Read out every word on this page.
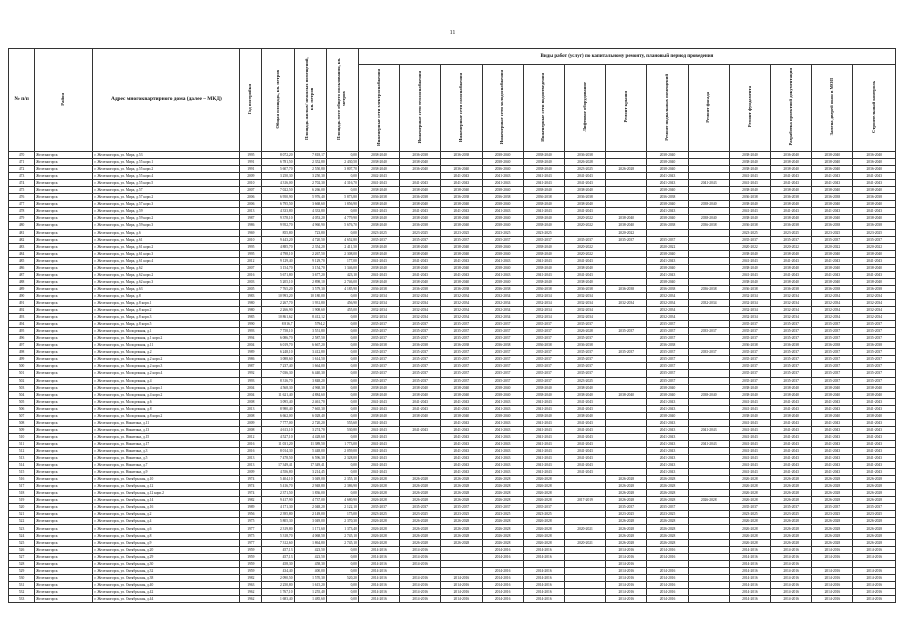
11
№ п/п	Район	Адрес многоквартирного дома (далее – МКД)	Год постройки	Общая площадь, кв. метров	Площадь жилых/ нежилых помещений, кв. метров	Площадь мест общего пользования, кв. метров	Виды работ (услуг) по капитальному ремонту, плановый период проведения												
							Инженерные сети электроснабжения	Инженерные сети теплоснабжения	Инженерные сети газоснабжения	Инженерные сети холодоснабжения	Инженерные сети водоотведения	Лифтовое оборудование	Ремонт крыши	Ремонт подвальных помещений	Ремонт фасада	Ремонт фундамента	Разработка проектной документации	Замена дверей окон в МОП	Строительный контроль
470	Железногорск	г. Железногорск, ул. Мира, д.53	1995	8 072,20	7 818,17	0,00	2038-2040	2036-2038	2036-2038	2038-2040	2038-2040	2036-2038		2038-2040		2038-2040	2036-2040	2038-2040	2036-2040
471	Железногорск	г. Железногорск, ул. Мира, д.55 корп.1	1991	6 781,50	2 352,80	2 430,50	2038-2040	2038-2040		2038-2040	2038-2040	2026-2028		2038-2040		2038-2040	2038-2040	2038-2040	2036-2040
472	Железногорск	г. Железногорск, ул. Мира, д.55 корп.2	1991	5 607,70	2 550,80	3 807,70	2038-2040	2036-2040	2036-2040	2036-2040	2038-2040	2023-2025	2026-2028	2038-2040		2038-2040	2038-2040	2036-2040	2036-2040
473	Железногорск	г. Железногорск, ул. Мира, д.55 корп.4	2009	3 250,30	3 250,30	0,00	2042-2043		2041-2043	2041-2043	2041-2043	2041-2043		2041-2043		2041-2043	2041-2043	2041-2043	2041-2043
474	Железногорск	г. Железногорск, ул. Мира, д.55 корп.5	2010	4 316,00	2 702,30	4 316,70	2041-2043	2041-2043	2041-2043	2041-2043	2041-2043	2041-2043		2041-2043	2041-2043	2041-2043	2041-2043	2041-2043	2041-2043
475	Железногорск	г. Железногорск, ул. Мира, д.57	2007	7 022,50	6 266,00	0,00	2038-2040	2038-2040	2038-2040	2038-2040	2038-2040	2038-2040		2038-2040		2038-2040	2038-2040	2038-2040	2038-2040
476	Железногорск	г. Железногорск, ул. Мира, д.57 корп.2	2006	6 950,90	5 976,40	5 873,80	2036-2038	2036-2038	2036-2038	2036-2038	2036-2038	2036-2038		2036-2038		2036-2038	2036-2038	2036-2038	2036-2038
477	Железногорск	г. Железногорск, ул. Мира, д.57 корп.3	2006	6 795,50	3 668,60	1 856,90	2038-2040	2038-2040	2038-2040	2038-2040	2038-2040	2038-2040		2038-2040	2038-2040	2038-2040	2038-2040	2038-2040	2038-2040
478	Железногорск	г. Железногорск, ул. Мира, д.59	2013	4 333,80	4 333,80	0,00	2041-2043	2041-2043	2041-2043	2041-2043	2041-2043	2041-2043		2041-2043		2041-2043	2041-2043	2041-2043	2041-2043
479	Железногорск	г. Железногорск, ул. Мира, д.59 корп.2	1987	9 378,10	4 053,20	4 779,90	2038-2040	2038-2040	2038-2040	2038-2040	2038-2040	2020-2022	2038-2040	2038-2040	2038-2040	2038-2040	2038-2040	2038-2040	2038-2040
480	Железногорск	г. Железногорск, ул. Мира, д.59 корп.3	1986	9 952,70	4 960,90	5 676,70	2038-2040	2036-2038	2038-2040	2038-2040	2038-2040	2020-2022	2038-2040	2036-2038	2036-2038	2036-2038	2036-2038	2036-2038	2036-2038
481	Железногорск	г. Железногорск, ул. Мира, д.6	1969	855,80	723,80	0,00	2023-2025	2023-2025	2023-2025	2023-2025	2023-2025		2020-2022			2023-2025	2023-2025	2023-2025	2023-2025
482	Железногорск	г. Железногорск, ул. Мира, д.61	2010	9 443,20	4 720,50	4 652,80	2035-2037	2035-2037	2035-2037	2035-2037	2035-2037	2035-2037	2035-2037	2035-2037		2035-2037	2035-2037	2035-2037	2035-2037
483	Железногорск	г. Железногорск, ул. Мира, д.61 корп.2	1995	4 885,70	2 354,20	2 411,50	2038-2040	2038-2040	2038-2040	2038-2040	2038-2040	2020-2022		2020-2022		2020-2022	2020-2022	2020-2022	2020-2022
484	Железногорск	г. Железногорск, ул. Мира, д.61 корп.3	1995	4 798,10	2 267,50	2 308,00	2038-2040	2038-2040	2038-2040	2038-2040	2038-2040	2020-2022		2038-2040		2038-2040	2038-2040	2038-2040	2038-2040
485	Железногорск	г. Железногорск, ул. Мира, д.61 корп.4	2012	9 129,40	9 129,70	177,00	2041-2043	2041-2043	2041-2043	2041-2043	2041-2043	2041-2043		2041-2043		2041-2043	2041-2043	2041-2043	2041-2043
486	Железногорск	г. Железногорск, ул. Мира, д.62	2007	3 154,70	3 154,70	1 346,00	2038-2040	2038-2040	2038-2040	2038-2040	2038-2040	2038-2040		2038-2040		2038-2040	2038-2040	2038-2040	2038-2040
487	Железногорск	г. Железногорск, ул. Мира, д.62 корп.2	2016	5 671,80	3 677,20	423,10	2041-2043	2041-2043	2041-2043	2041-2043	2041-2043	2041-2043		2041-2043		2041-2043	2041-2043	2041-2043	2041-2043
488	Железногорск	г. Железногорск, ул. Мира, д.62 корп.3	2003	5 205,10	2 898,10	2 746,00	2038-2040	2038-2040	2038-2040	2038-2040	2038-2040	2038-2040		2038-2040		2038-2040	2038-2040	2038-2040	2038-2040
489	Железногорск	г. Железногорск, ул. Мира, д.63	2005	7 765,20	3 579,30	4 185,90	2036-2038	2036-2038	2036-2038	2036-2038	2036-2038	2036-2038	2036-2038	2036-2038	2036-2038	2036-2038	2036-2038	2036-2038	2036-2038
490	Железногорск	г. Железногорск, ул. Мира, д.8	1983	10 993,20	10 180,00	0,00	2032-2034	2032-2034	2032-2034	2032-2034	2032-2034	2032-2034		2032-2034		2032-2034	2032-2034	2032-2034	2032-2034
491	Железногорск	г. Железногорск, ул. Мира, д.8 корп.1	1980	2 267,70	1 931,80	456,90	2032-2034	2032-2034	2032-2034	2032-2034	2032-2034	2032-2034	2032-2034	2032-2034	2032-2034	2032-2034	2032-2034	2032-2034	2032-2034
492	Железногорск	г. Железногорск, ул. Мира, д.8 корп.2	1980	2 266,90	1 908,60	455,00	2032-2034	2032-2034	2032-2034	2032-2034	2032-2034	2032-2034		2032-2034		2032-2034	2032-2034	2032-2034	2032-2034
493	Железногорск	г. Железногорск, ул. Мира, д.8 корп.3	1985	10 861,62	8 412,12	0,00	2032-2034	2032-2034	2032-2034	2032-2034	2032-2034	2032-2034		2032-2034		2032-2034	2032-2034	2032-2034	2032-2034
494	Железногорск	г. Железногорск, ул. Мира, д.8 корп.5	1990	8 816,7	5794,2	0,00	2035-2037	2035-2037	2035-2037	2035-2037	2035-2037	2035-2037		2035-2037		2035-2037	2035-2037	2035-2037	2035-2037
495	Железногорск	г. Железногорск, ул. Молодежная, д.1	1993	7 758,10	3 551,80	0,00	2035-2037	2035-2037	2035-2037	2035-2037	2035-2037	2026-2028	2035-2037	2035-2037	2035-2037	2035-2037	2035-2037	2035-2037	2035-2037
496	Железногорск	г. Железногорск, ул. Молодежная, д.1 корп.2	1994	6 086,70	2 587,50	0,00	2035-2037	2035-2037	2035-2037	2035-2037	2035-2037	2035-2037		2035-2037		2035-2037	2035-2037	2035-2037	2035-2037
497	Железногорск	г. Железногорск, ул. Молодежная, д.11	2004	6 019,70	6 667,20	0,00	2036-2038	2036-2038	2036-2038	2036-2038	2036-2038	2036-2038		2036-2038		2036-2038	2036-2038	2036-2038	2036-2038
498	Железногорск	г. Железногорск, ул. Молодежная, д.2	1989	6 248,10	3 412,80	0,00	2035-2037	2035-2037	2035-2037	2035-2037	2035-2037	2035-2037	2035-2037	2035-2037	2035-2037	2035-2037	2035-2037	2035-2037	2035-2037
499	Железногорск	г. Железногорск, ул. Молодежная, д.2 корп.2	1986	3 088,60	1 614,50	0,00	2035-2037	2035-2037	2035-2037	2035-2037	2035-2037	2035-2037		2035-2037		2035-2037	2035-2037	2035-2037	2035-2037
500	Железногорск	г. Железногорск, ул. Молодежная, д.2 корп.3	1987	7 237,40	1 664,00	0,00	2035-2037	2035-2037	2035-2037	2035-2037	2035-2037	2035-2037		2035-2037		2035-2037	2035-2037	2035-2037	2035-2037
501	Железногорск	г. Железногорск, ул. Молодежная, д.2 корп.4	1992	7 036,30	6 440,30	0,00	2035-2037	2035-2037	2035-2037	2035-2037	2035-2037	2035-2037		2035-2037		2035-2037	2035-2037	2035-2037	2035-2037
502	Железногорск	г. Железногорск, ул. Молодежная, д.4	1993	8 316,70	3 848,20	0,00	2035-2037	2035-2037	2035-2037	2035-2037	2035-2037	2023-2025		2035-2037		2035-2037	2035-2037	2035-2037	2035-2037
503	Железногорск	г. Железногорск, ул. Молодежная, д.4 корп.1	2004	4 568,30	4 968,30	0,00	2038-2040	2038-2040	2038-2040	2038-2040	2038-2040	2038-2040		2038-2040		2038-2040	2038-2040	2038-2040	2038-2040
504	Железногорск	г. Железногорск, ул. Молодежная, д.4 корп.2	2004	11 621,40	4 884,60	0,00	2038-2040	2038-2040	2038-2040	2038-2040	2038-2040	2038-2040	2038-2040	2038-2040	2038-2040	2038-2040	2038-2040	2038-2040	2038-2040
505	Железногорск	г. Железногорск, ул. Молодежная, д.6	2008	3 095,40	2 461,70	0,00	2041-2043	2041-2043	2041-2043	2041-2043	2041-2043	2041-2043		2041-2043		2041-2043	2041-2043	2041-2043	2041-2043
506	Железногорск	г. Железногорск, ул. Молодежная, д.8	2013	8 980,40	7 665,30	0,00	2041-2043	2041-2043	2041-2043	2041-2043	2041-2043	2041-2043		2041-2043		2041-2043	2041-2043	2041-2043	2041-2043
507	Железногорск	г. Железногорск, ул. Молодежная, д.8 корп.2	2008	6 662,00	6 028,40	0,00	2038-2040	2038-2040	2038-2040	2038-2040	2038-2040	2038-2040		2038-2040		2038-2040	2038-2040	2038-2040	2038-2040
508	Железногорск	г. Железногорск, ул. Никитина, д.11	2009	7 777,00	2 720,20	555,60	2041-2043		2041-2043	2041-2043	2041-2043	2041-2043		2041-2043		2041-2043	2041-2043	2041-2043	2041-2043
509	Железногорск	г. Железногорск, ул. Никитина, д.13	2008	4 613,10	3 274,70	530,80	2041-2043	2041-2043	2041-2043	2041-2043	2041-2043	2041-2043		2041-2043	2041-2043	2041-2043	2041-2043	2041-2043	2041-2043
510	Железногорск	г. Железногорск, ул. Никитина, д.15	2012	4 527,10	4 428,60	0,00	2041-2043		2041-2043	2041-2043	2041-2043	2041-2043		2041-2043		2041-2043	2041-2043	2041-2043	2041-2043
511	Железногорск	г. Железногорск, ул. Никитина, д.17	2016	11 031,20	11 389,50	1 773,00	2041-2043		2041-2043	2041-2043	2041-2043	2041-2043		2041-2043	2041-2043	2041-2043	2041-2043	2041-2043	2041-2043
512	Железногорск	г. Железногорск, ул. Никитина, д.3	2016	8 014,30	5 448,00	2 059,00	2041-2043		2041-2043	2041-2043	2041-2043	2041-2043		2041-2043		2041-2043	2041-2043	2041-2043	2041-2043
513	Железногорск	г. Железногорск, ул. Никитина, д.5	2013	7 478,50	6 596,30	2 328,00	2041-2043		2041-2043	2041-2043	2041-2043	2041-2043		2041-2043		2041-2043	2041-2043	2041-2043	2041-2043
514	Железногорск	г. Железногорск, ул. Никитина, д.7	2013	17 349,41	17 349,41	0,00	2041-2043		2041-2043	2041-2043	2041-2043	2041-2043		2041-2043		2041-2043	2041-2043	2041-2043	2041-2043
515	Железногорск	г. Железногорск, ул. Никитина, д.9	2009	4 556,80	3 214,45	0,00	2041-2043		2041-2043	2041-2043	2041-2043	2041-2043		2041-2043		2041-2043	2041-2043	2041-2043	2041-2043
516	Железногорск	г. Железногорск, ул. Октябрьская, д.10	1974	5 404,10	3 049,00	2 355,10	2026-2028	2026-2028	2026-2028	2026-2028	2026-2028		2026-2028	2026-2028		2026-2028	2026-2028	2026-2028	2026-2028
517	Железногорск	г. Железногорск, ул. Октябрьская, д.12	1974	5 416,70	2 948,80	2 386,90	2026-2028	2026-2028	2026-2028	2026-2028	2026-2028		2026-2028	2026-2028		2026-2028	2026-2028	2026-2028	2026-2028
518	Железногорск	г. Железногорск, ул. Октябрьская, д.12 корп.2	1974	2 371,50	1 836,00	0,00	2026-2028	2026-2028	2026-2028	2026-2028	2026-2028		2026-2028	2026-2028		2026-2028	2026-2028	2026-2028	2026-2028
519	Железногорск	г. Железногорск, ул. Октябрьская, д.14	1982	9 417,90	4 737,00	4 680,90	2026-2028	2026-2028	2026-2028	2026-2028	2026-2028	2017-2019	2026-2028	2026-2028	2026-2028	2026-2028	2026-2028	2026-2028	2026-2028
520	Железногорск	г. Железногорск, ул. Октябрьская, д.16	1989	4 171,30	2 048,20	2 122,10	2035-2037	2035-2037	2035-2037	2035-2037	2035-2037		2035-2037	2035-2037		2035-2037	2035-2037	2035-2037	2035-2037
521	Железногорск	г. Железногорск, ул. Октябрьская, д.2	1956	2 395,80	2 149,00	175,00	2023-2025	2023-2025	2023-2025	2023-2025	2023-2025		2023-2025	2023-2025		2023-2025	2023-2025	2023-2025	2023-2025
522	Железногорск	г. Железногорск, ул. Октябрьская, д.4	1975	5 805,30	3 049,00	2 370,30	2026-2028	2026-2028	2026-2028	2026-2028	2026-2028		2026-2028	2026-2028		2026-2028	2026-2028	2026-2028	2026-2028
523	Железногорск	г. Железногорск, ул. Октябрьская, д.6	1977	2 319,80	1 171,60	1 373,40	2026-2028	2026-2028	2026-2028	2026-2028	2026-2028	2020-2021	2026-2028	2026-2028		2026-2028	2026-2028	2026-2028	2026-2028
524	Железногорск	г. Железногорск, ул. Октябрьская, д.8	1975	5 318,70	4 068,50	2 745,10	2026-2028	2026-2028	2026-2028	2026-2028	2026-2028		2026-2028	2026-2028		2026-2028	2026-2028	2026-2028	2026-2028
525	Железногорск	г. Железногорск, ул. Октябрьская, д.9	1977	7 312,60	1 864,80	2 745,10	2026-2028	2026-2028	2026-2028	2026-2028	2026-2028	2020-2021	2026-2028	2026-2028		2026-2028	2026-2028	2026-2028	2026-2028
526	Железногорск	г. Железногорск, ул. Октябрьская, д.20	1959	457,13	423,50	0,00	2014-2016	2014-2016		2014-2016	2014-2016		2014-2016	2014-2016		2014-2016	2014-2016	2014-2016	2014-2016
527	Железногорск	г. Железногорск, ул. Октябрьская, д.29	1959	457,13	423,50	0,00	2014-2016	2014-2016		2014-2016	2014-2016		2014-2016	2014-2016		2014-2016	2014-2016	2014-2016	2014-2016
528	Железногорск	г. Железногорск, ул. Октябрьская, д.30	1959	458,30	458,30	0,00	2014-2016	2014-2016					2014-2016			2014-2016	2014-2016		
529	Железногорск	г. Железногорск, ул. Октябрьская, д.32	1959	434,40	400,00	0,00	2014-2016			2014-2016	2014-2016		2014-2016	2014-2016		2014-2016	2014-2016	2014-2016	2014-2016
530	Железногорск	г. Железногорск, ул. Октябрьская, д.38	1982	2 090,50	1 570,30	520,20	2014-2016	2014-2016	2014-2016	2014-2016	2014-2016		2014-2016	2014-2016		2014-2016	2014-2016	2014-2016	2014-2016
531	Железногорск	г. Железногорск, ул. Октябрьская, д.40	1963	2 250,80	1 615,20	0,00	2014-2016	2014-2016	2014-2016	2014-2016	2014-2016		2014-2016	2014-2016		2014-2016	2014-2016	2014-2016	2014-2016
532	Железногорск	г. Железногорск, ул. Октябрьская, д.42	1962	1 767,10	1 255,40	0,00	2014-2016	2014-2016	2014-2016	2014-2016	2014-2016		2014-2016	2014-2016		2014-2016	2014-2016	2014-2016	2014-2016
533	Железногорск	г. Железногорск, ул. Октябрьская, д.44	1962	1 683,40	1 485,60	0,00	2014-2016	2014-2016	2014-2016	2014-2016	2014-2016		2014-2016	2014-2016		2014-2016	2014-2016	2014-2016	2014-2016
